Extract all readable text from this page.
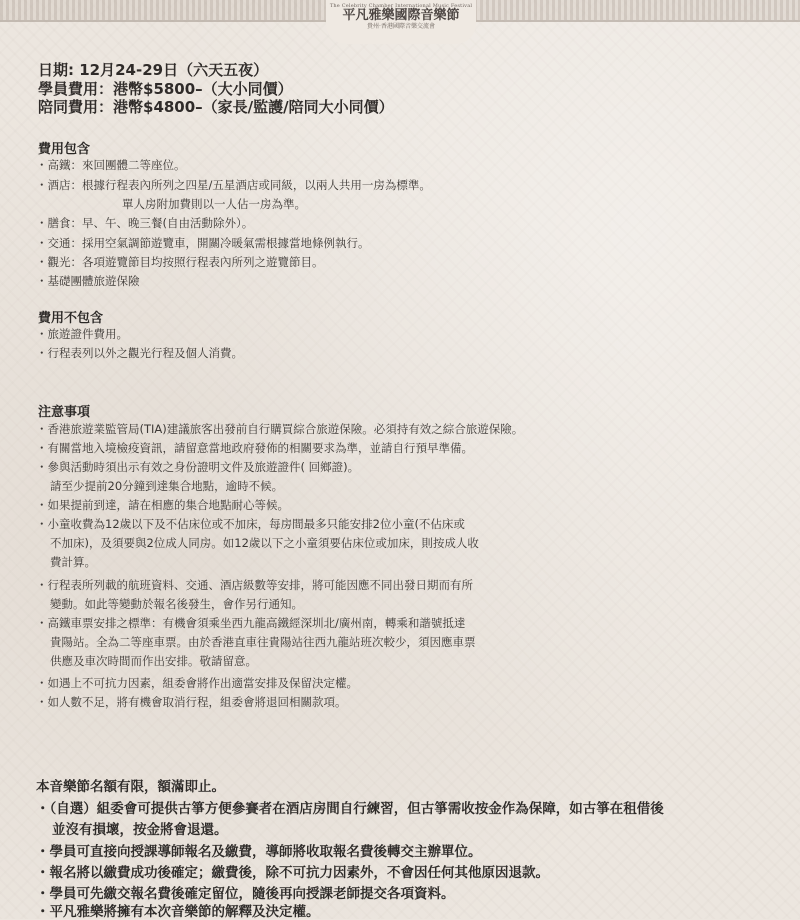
The Celebrity Chamber International Music Festival
平凡雅樂國際音樂節
貴州·香港國際音樂交流會
日期: 12月24-29日（六天五夜）
學員費用：港幣$5800–（大小同價）
陪同費用：港幣$4800–（家長/監護/陪同大小同價）
費用包含
・高鐵：來回團體二等座位。
・酒店：根據行程表內所列之四星/五星酒店或同級，以兩人共用一房為標準。
單人房附加費則以一人佔一房為準。
・膳食：早、午、晚三餐(自由活動除外）。
・交通：採用空氣調節遊覽車，開關冷暖氣需根據當地條例執行。
・觀光：各項遊覽節目均按照行程表內所列之遊覽節目。
・基礎團體旅遊保險
費用不包含
・旅遊證件費用。
・行程表列以外之觀光行程及個人消費。
注意事項
・香港旅遊業監管局(TIA)建議旅客出發前自行購買綜合旅遊保險。必須持有效之綜合旅遊保險。
・有關當地入境檢疫資訊，請留意當地政府發佈的相關要求為準，並請自行預早準備。
・參與活動時須出示有效之身份證明文件及旅遊證件( 回鄉證)。
請至少提前20分鐘到達集合地點，逾時不候。
・如果提前到達，請在相應的集合地點耐心等候。
・小童收費為12歲以下及不佔床位或不加床，每房間最多只能安排2位小童(不佔床或
不加床)，及須要與2位成人同房。如12歲以下之小童須要佔床位或加床，則按成人收
費計算。
・行程表所列載的航班資料、交通、酒店級數等安排，將可能因應不同出發日期而有所
變動。如此等變動於報名後發生，會作另行通知。
・高鐵車票安排之標準：有機會須乘坐西九龍高鐵經深圳北/廣州南，轉乘和諧號抵達
貴陽站。全為二等座車票。由於香港直車往貴陽站往西九龍站班次較少，須因應車票
供應及車次時間而作出安排。敬請留意。
・如遇上不可抗力因素，組委會將作出適當安排及保留決定權。
・如人數不足，將有機會取消行程，組委會將退回相關款項。
本音樂節名額有限，額滿即止。
・（自選）組委會可提供古箏方便參賽者在酒店房間自行練習，但古箏需收按金作為保障，如古箏在租借後
並沒有損壞，按金將會退還。
・學員可直接向授課導師報名及繳費，導師將收取報名費後轉交主辦單位。
・報名將以繳費成功後確定；繳費後，除不可抗力因素外，不會因任何其他原因退款。
・學員可先繳交報名費後確定留位，隨後再向授課老師提交各項資料。
・平凡雅樂將擁有本次音樂節的解釋及決定權。
